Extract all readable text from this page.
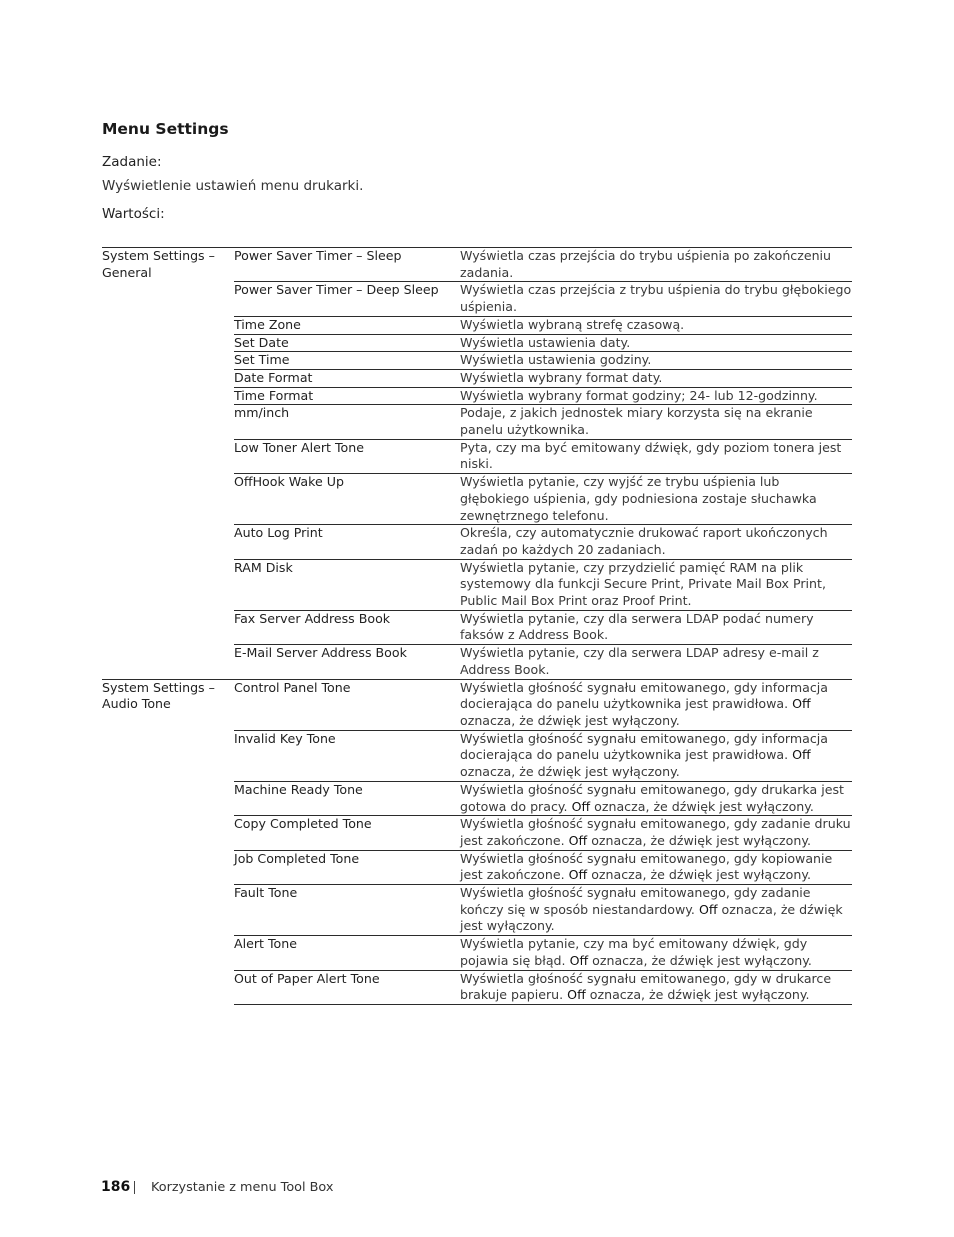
Menu Settings
Zadanie:
Wyświetlenie ustawień menu drukarki.
Wartości:
System Settings – General	Power Saver Timer – Sleep	Wyświetla czas przejścia do trybu uśpienia po zakończeniu zadania.
	Power Saver Timer – Deep Sleep	Wyświetla czas przejścia z trybu uśpienia do trybu głębokiego uśpienia.
	Time Zone	Wyświetla wybraną strefę czasową.
	Set Date	Wyświetla ustawienia daty.
	Set Time	Wyświetla ustawienia godziny.
	Date Format	Wyświetla wybrany format daty.
	Time Format	Wyświetla wybrany format godziny; 24- lub 12-godzinny.
	mm/inch	Podaje, z jakich jednostek miary korzysta się na ekranie panelu użytkownika.
	Low Toner Alert Tone	Pyta, czy ma być emitowany dźwięk, gdy poziom tonera jest niski.
	OffHook Wake Up	Wyświetla pytanie, czy wyjść ze trybu uśpienia lub głębokiego uśpienia, gdy podniesiona zostaje słuchawka zewnętrznego telefonu.
	Auto Log Print	Określa, czy automatycznie drukować raport ukończonych zadań po każdych 20 zadaniach.
	RAM Disk	Wyświetla pytanie, czy przydzielić pamięć RAM na plik systemowy dla funkcji Secure Print, Private Mail Box Print, Public Mail Box Print oraz Proof Print.
	Fax Server Address Book	Wyświetla pytanie, czy dla serwera LDAP podać numery faksów z Address Book.
	E-Mail Server Address Book	Wyświetla pytanie, czy dla serwera LDAP adresy e-mail z Address Book.
System Settings – Audio Tone	Control Panel Tone	Wyświetla głośność sygnału emitowanego, gdy informacja docierająca do panelu użytkownika jest prawidłowa. Off oznacza, że dźwięk jest wyłączony.
	Invalid Key Tone	Wyświetla głośność sygnału emitowanego, gdy informacja docierająca do panelu użytkownika jest prawidłowa. Off oznacza, że dźwięk jest wyłączony.
	Machine Ready Tone	Wyświetla głośność sygnału emitowanego, gdy drukarka jest gotowa do pracy. Off oznacza, że dźwięk jest wyłączony.
	Copy Completed Tone	Wyświetla głośność sygnału emitowanego, gdy zadanie druku jest zakończone. Off oznacza, że dźwięk jest wyłączony.
	Job Completed Tone	Wyświetla głośność sygnału emitowanego, gdy kopiowanie jest zakończone. Off oznacza, że dźwięk jest wyłączony.
	Fault Tone	Wyświetla głośność sygnału emitowanego, gdy zadanie kończy się w sposób niestandardowy. Off oznacza, że dźwięk jest wyłączony.
	Alert Tone	Wyświetla pytanie, czy ma być emitowany dźwięk, gdy pojawia się błąd. Off oznacza, że dźwięk jest wyłączony.
	Out of Paper Alert Tone	Wyświetla głośność sygnału emitowanego, gdy w drukarce brakuje papieru. Off oznacza, że dźwięk jest wyłączony.
186 Korzystanie z menu Tool Box
